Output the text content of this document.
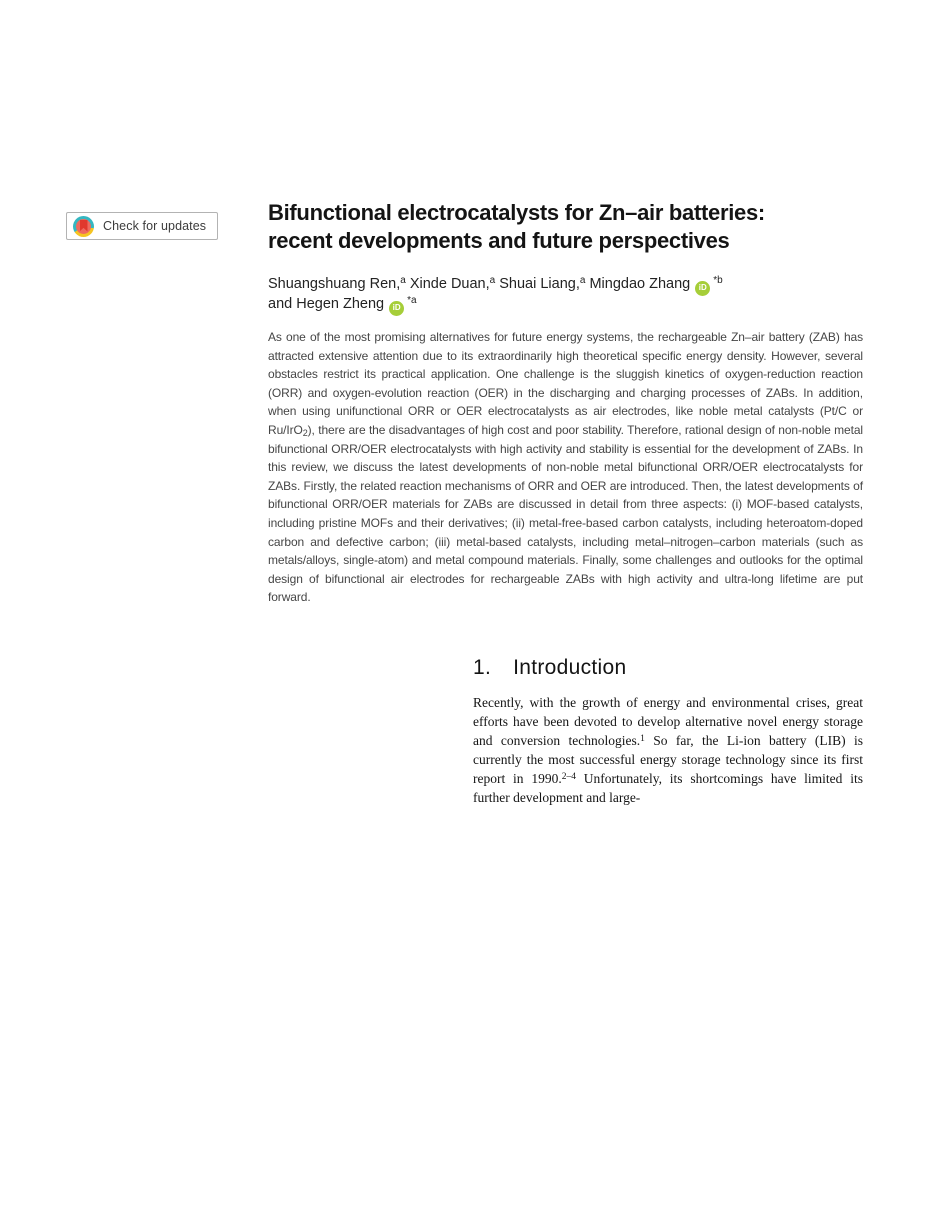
Check for updates
Bifunctional electrocatalysts for Zn–air batteries:
recent developments and future perspectives
Shuangshuang Ren,$^a$ Xinde Duan,$^a$ Shuai Liang,$^a$ Mingdao Zhang $iD^{*b}$
and Hegen Zheng $iD^{*a}$
As one of the most promising alternatives for future energy systems, the rechargeable Zn–air battery (ZAB) has attracted extensive attention due to its extraordinarily high theoretical specific energy density. However, several obstacles restrict its practical application. One challenge is the sluggish kinetics of oxygen-reduction reaction (ORR) and oxygen-evolution reaction (OER) in the discharging and charging processes of ZABs. In addition, when using unifunctional ORR or OER electrocatalysts as air electrodes, like noble metal catalysts (Pt/C or Ru/IrO$_2$), there are the disadvantages of high cost and poor stability. Therefore, rational design of non-noble metal bifunctional ORR/OER electrocatalysts with high activity and stability is essential for the development of ZABs. In this review, we discuss the latest developments of non-noble metal bifunctional ORR/OER electrocatalysts for ZABs. Firstly, the related reaction mechanisms of ORR and OER are introduced. Then, the latest developments of bifunctional ORR/OER materials for ZABs are discussed in detail from three aspects: (i) MOF-based catalysts, including pristine MOFs and their derivatives; (ii) metal-free-based carbon catalysts, including heteroatom-doped carbon and defective carbon; (iii) metal-based catalysts, including metal–nitrogen–carbon materials (such as metals/alloys, single-atom) and metal compound materials. Finally, some challenges and outlooks for the optimal design of bifunctional air electrodes for rechargeable ZABs with high activity and ultra-long lifetime are put forward.
1. Introduction
Recently, with the growth of energy and environmental crises, great efforts have been devoted to develop alternative novel energy storage and conversion technologies.$^1$ So far, the Li-ion battery (LIB) is currently the most successful energy storage technology since its first report in 1990.$^{2-4}$ Unfortunately, its shortcomings have limited its further development and large-
